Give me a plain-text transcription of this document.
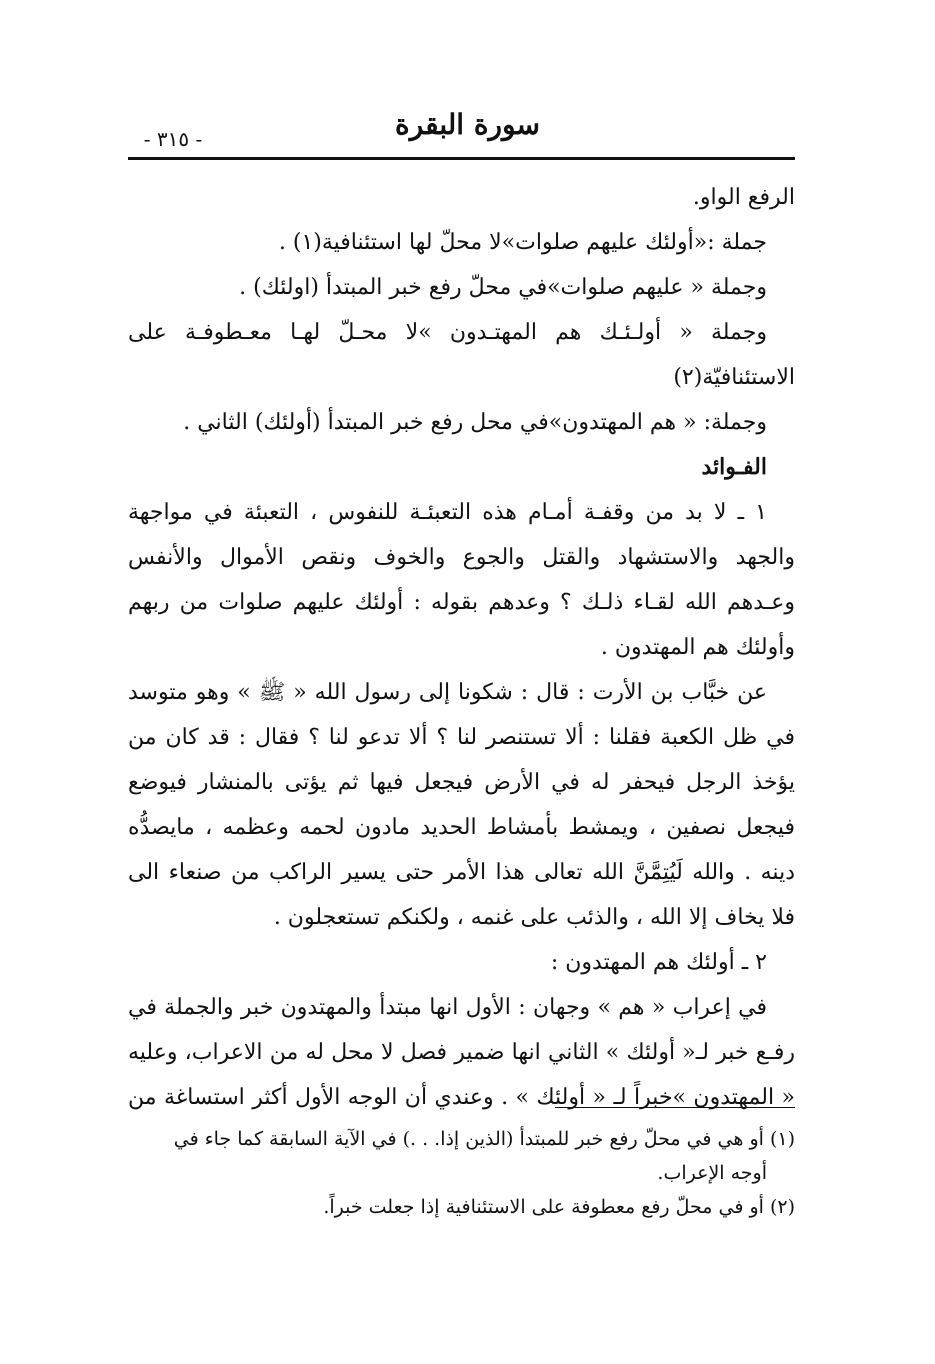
سورة البقرة
- ٣١٥ -
الرفع الواو.
جملة :«أولئك عليهم صلوات»لا محلّ لها استئنافية(١) .
وجملة « عليهم صلوات»في محلّ رفع خبر المبتدأ (اولئك) .
وجملة « أولـئـك هم المهتـدون »لا محـلّ لهـا معـطوفـة على
الاستئنافيّة(٢)
وجملة: « هم المهتدون»في محل رفع خبر المبتدأ (أولئك) الثاني .
الفـوائد
١ ـ لا بد من وقفـة أمـام هذه التعبئـة للنفوس ، التعبئة في مواجهة
والجهد والاستشهاد والقتل والجوع والخوف ونقص الأموال والأنفس
وعـدهم الله لقـاء ذلـك ؟ وعدهم بقوله : أولئك عليهم صلوات من ربهم
وأولئك هم المهتدون .
عن خبَّاب بن الأرت : قال : شكونا إلى رسول الله « ﷺ » وهو متوسد
في ظل الكعبة فقلنا : ألا تستنصر لنا ؟ ألا تدعو لنا ؟ فقال : قد كان من
يؤخذ الرجل فيحفر له في الأرض فيجعل فيها ثم يؤتى بالمنشار فيوضع
فيجعل نصفين ، ويمشط بأمشاط الحديد مادون لحمه وعظمه ، مايصدُّه
دينه . والله لَيُتِمَّنَّ الله تعالى هذا الأمر حتى يسير الراكب من صنعاء الى
فلا يخاف إلا الله ، والذئب على غنمه ، ولكنكم تستعجلون .
٢ ـ أولئك هم المهتدون :
في إعراب « هم » وجهان : الأول انها مبتدأ والمهتدون خبر والجملة في
رفـع خبر لـ« أولئك » الثاني انها ضمير فصل لا محل له من الاعراب، وعليه
« المهتدون »خبراً لـ « أولئك » . وعندي أن الوجه الأول أكثر استساغة من
(١) أو هي في محلّ رفع خبر للمبتدأ (الذين إذا. . .) في الآية السابقة كما جاء في
أوجه الإعراب.
(٢) أو في محلّ رفع معطوفة على الاستئنافية إذا جعلت خبراً.
